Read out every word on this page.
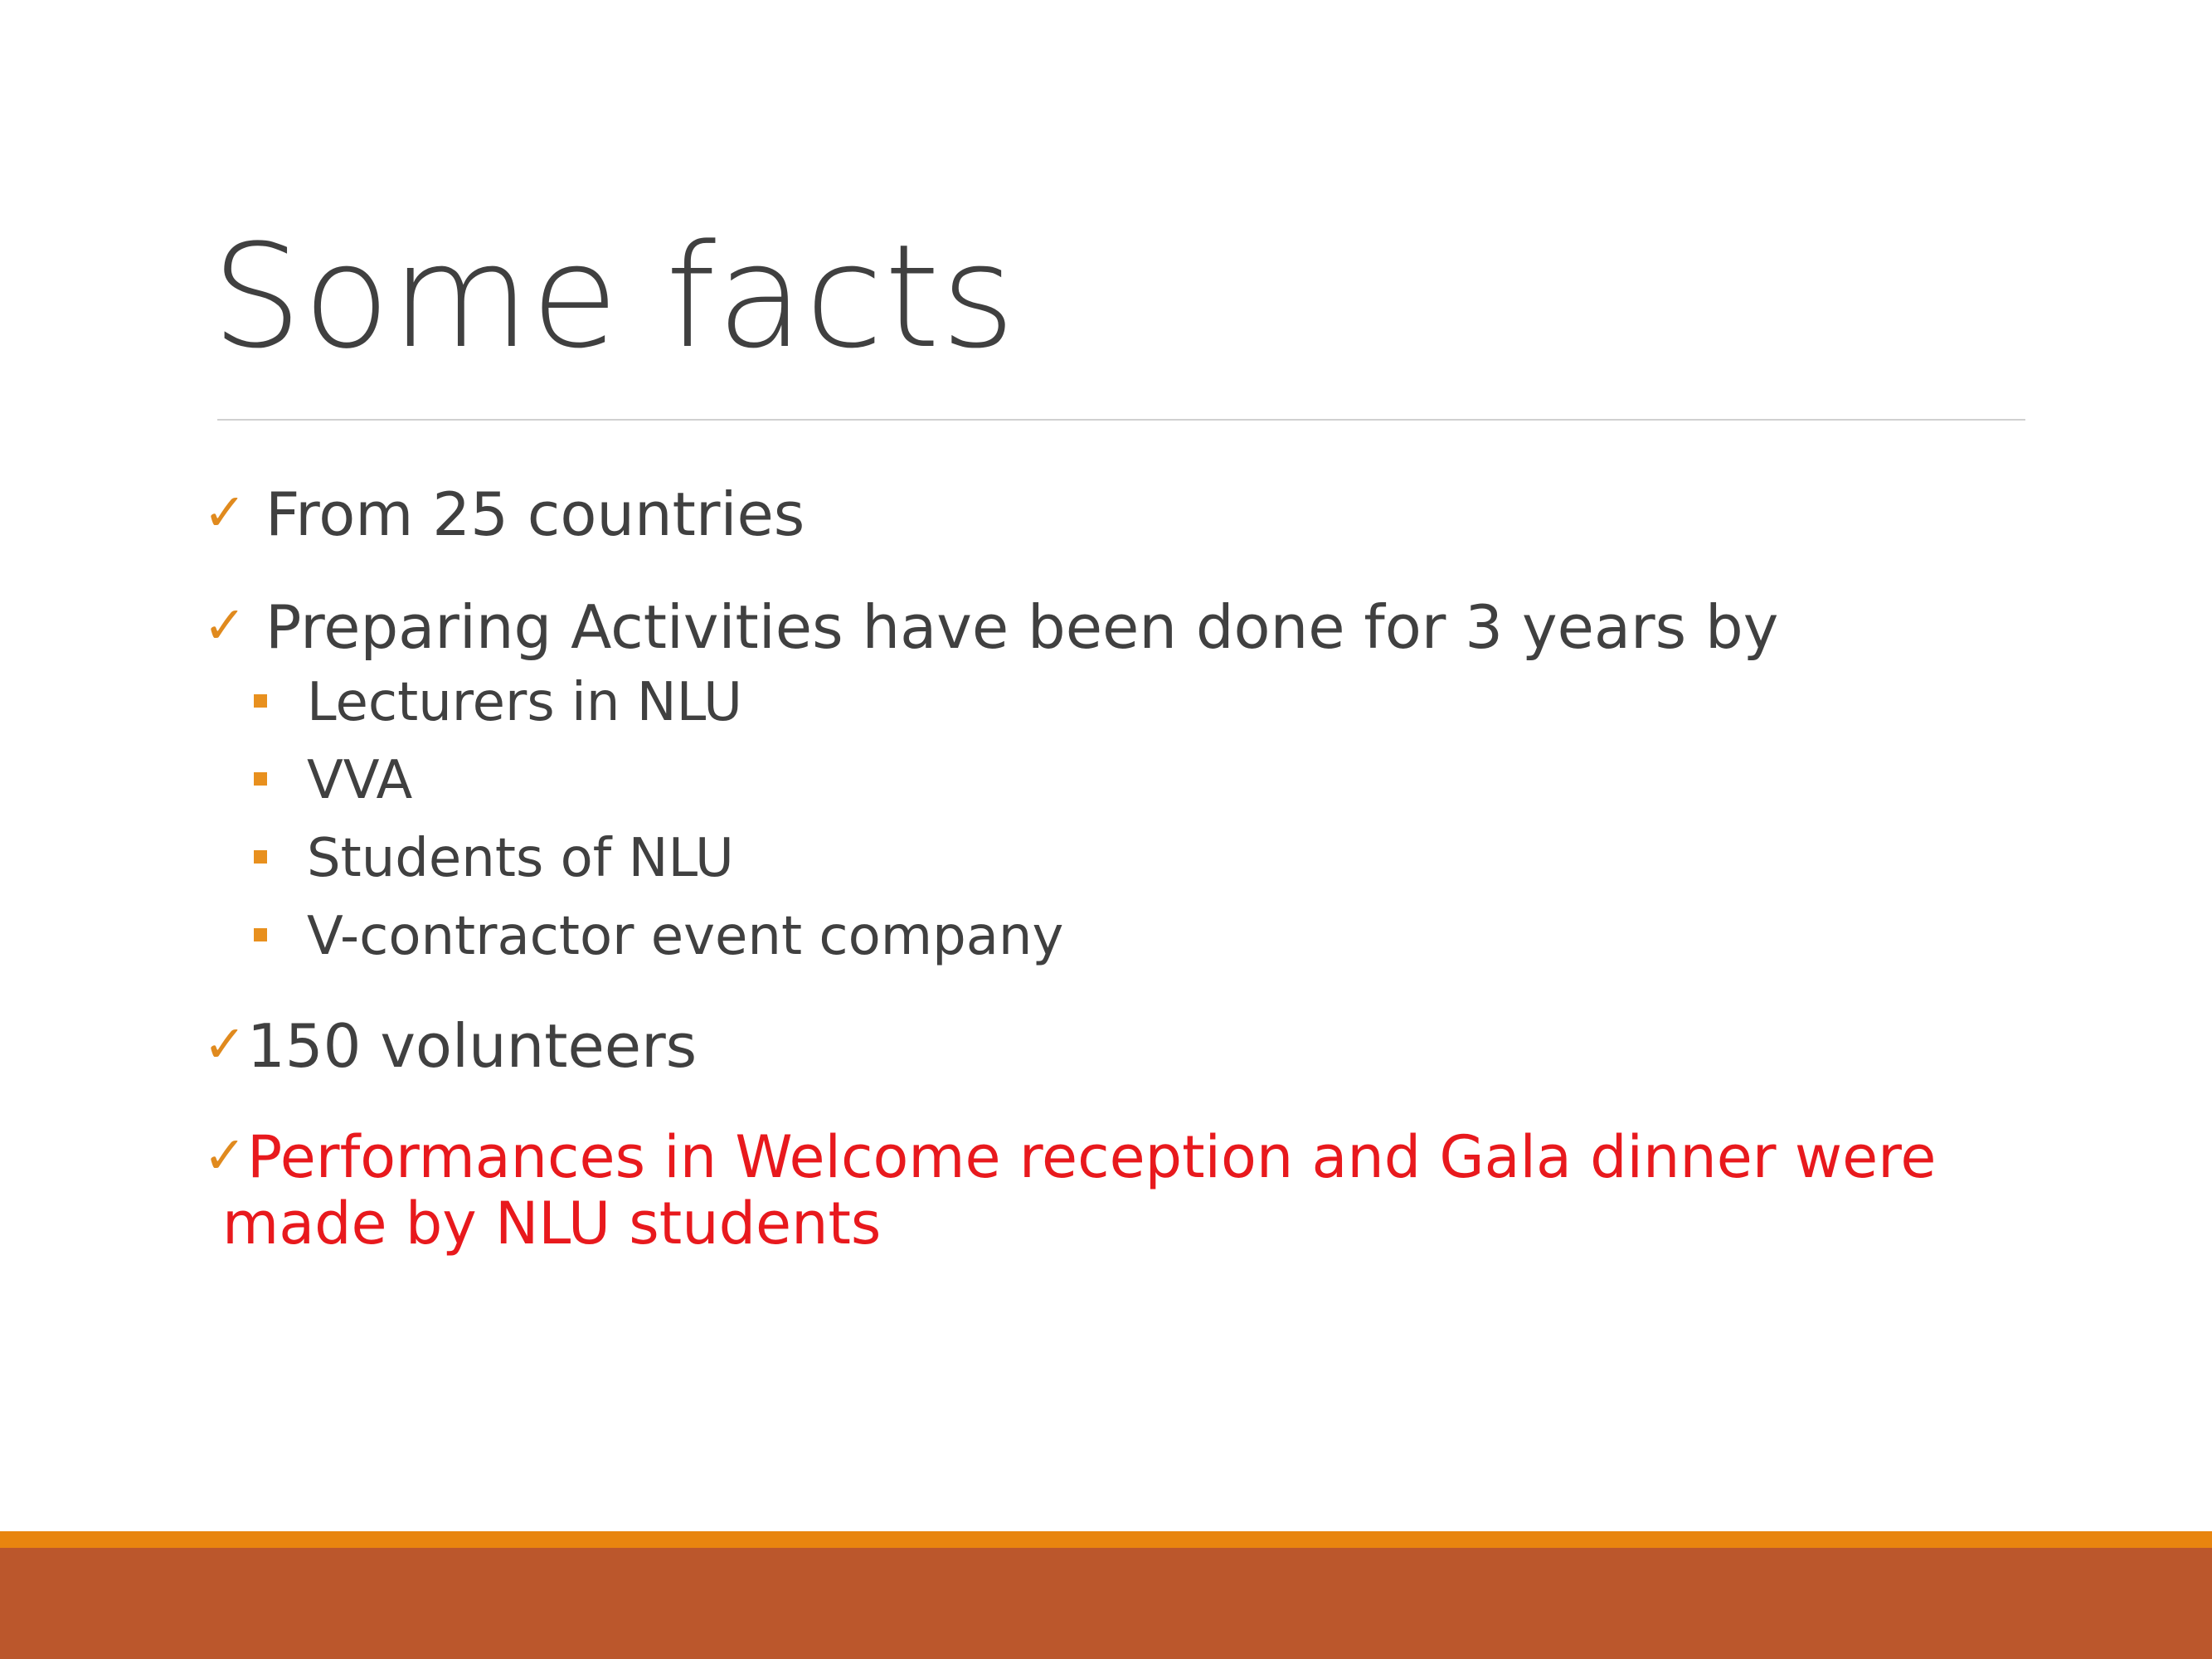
Some facts
✓ From 25 countries
✓ Preparing Activities have been done for 3 years by
Lecturers in NLU
VVA
Students of NLU
V-contractor event company
✓ 150 volunteers
✓ Performances in Welcome reception and Gala dinner were
made by NLU students
